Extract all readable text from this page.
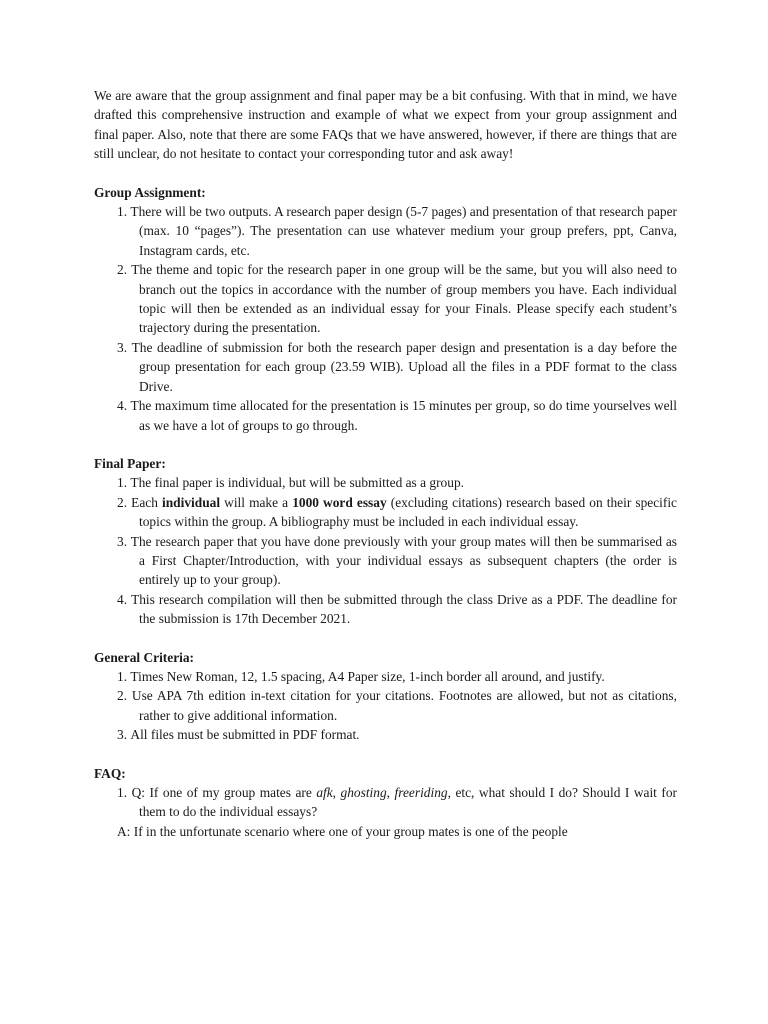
We are aware that the group assignment and final paper may be a bit confusing. With that in mind, we have drafted this comprehensive instruction and example of what we expect from your group assignment and final paper. Also, note that there are some FAQs that we have answered, however, if there are things that are still unclear, do not hesitate to contact your corresponding tutor and ask away!

Group Assignment:

1. There will be two outputs. A research paper design (5-7 pages) and presentation of that research paper (max. 10 “pages”). The presentation can use whatever medium your group prefers, ppt, Canva, Instagram cards, etc.
2. The theme and topic for the research paper in one group will be the same, but you will also need to branch out the topics in accordance with the number of group members you have. Each individual topic will then be extended as an individual essay for your Finals. Please specify each student’s trajectory during the presentation.
3. The deadline of submission for both the research paper design and presentation is a day before the group presentation for each group (23.59 WIB). Upload all the files in a PDF format to the class Drive.
4. The maximum time allocated for the presentation is 15 minutes per group, so do time yourselves well as we have a lot of groups to go through.

Final Paper:

1. The final paper is individual, but will be submitted as a group.
2. Each individual will make a 1000 word essay (excluding citations) research based on their specific topics within the group. A bibliography must be included in each individual essay.
3. The research paper that you have done previously with your group mates will then be summarised as a First Chapter/Introduction, with your individual essays as subsequent chapters (the order is entirely up to your group).
4. This research compilation will then be submitted through the class Drive as a PDF. The deadline for the submission is 17th December 2021.

General Criteria:

1. Times New Roman, 12, 1.5 spacing, A4 Paper size, 1-inch border all around, and justify.
2. Use APA 7th edition in-text citation for your citations. Footnotes are allowed, but not as citations, rather to give additional information.
3. All files must be submitted in PDF format.

FAQ:

1. Q: If one of my group mates are afk, ghosting, freeriding, etc, what should I do? Should I wait for them to do the individual essays?
A: If in the unfortunate scenario where one of your group mates is one of the people
